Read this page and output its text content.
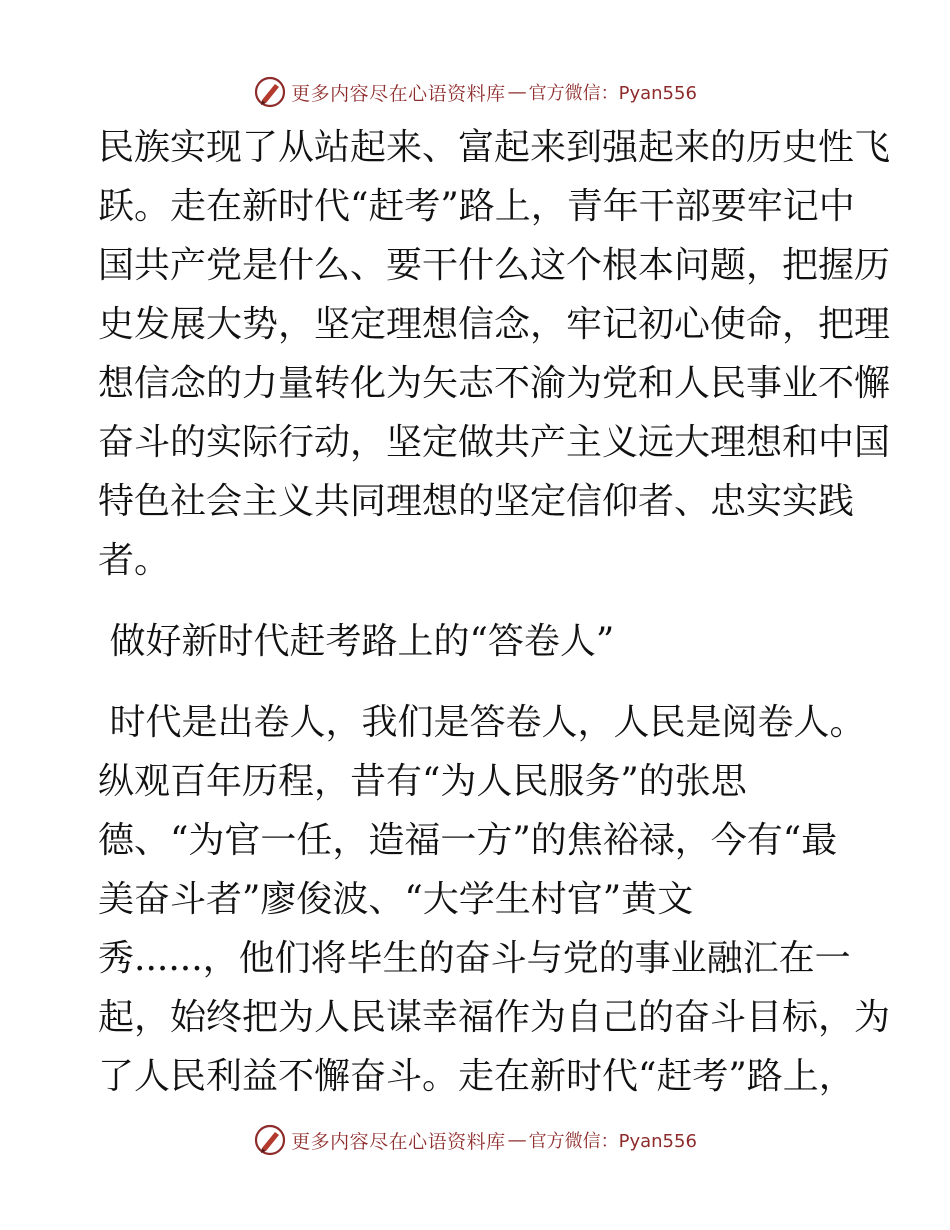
更多内容尽在心语资料库 — 官方微信：Pyan556
民族实现了从站起来、富起来到强起来的历史性飞
跃。走在新时代“赶考”路上，青年干部要牢记中
国共产党是什么、要干什么这个根本问题，把握历
史发展大势，坚定理想信念，牢记初心使命，把理
想信念的力量转化为矢志不渝为党和人民事业不懈
奋斗的实际行动，坚定做共产主义远大理想和中国
特色社会主义共同理想的坚定信仰者、忠实实践
者。
做好新时代赶考路上的“答卷人”
时代是出卷人，我们是答卷人，人民是阅卷人。
纵观百年历程，昔有“为人民服务”的张思
德、“为官一任，造福一方”的焦裕禄，今有“最
美奋斗者”廖俊波、“大学生村官”黄文
秀......，他们将毕生的奋斗与党的事业融汇在一
起，始终把为人民谋幸福作为自己的奋斗目标，为
了人民利益不懈奋斗。走在新时代“赶考”路上，
更多内容尽在心语资料库 — 官方微信：Pyan556
